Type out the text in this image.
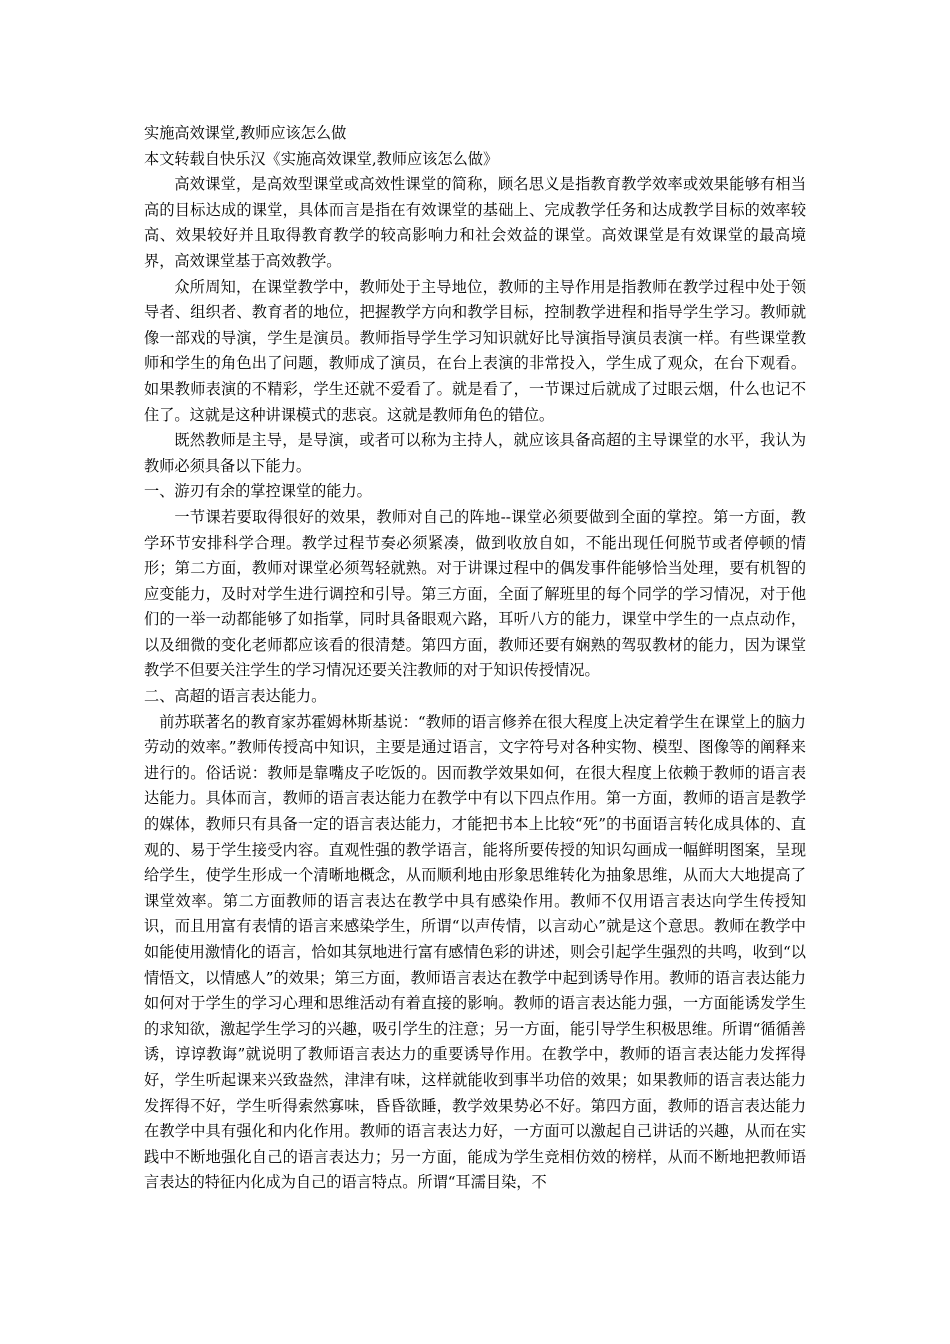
实施高效课堂,教师应该怎么做

本文转载自快乐汉《实施高效课堂,教师应该怎么做》

高效课堂，是高效型课堂或高效性课堂的简称，顾名思义是指教育教学效率或效果能够有相当高的目标达成的课堂，具体而言是指在有效课堂的基础上、完成教学任务和达成教学目标的效率较高、效果较好并且取得教育教学的较高影响力和社会效益的课堂。高效课堂是有效课堂的最高境界，高效课堂基于高效教学。

众所周知，在课堂教学中，教师处于主导地位，教师的主导作用是指教师在教学过程中处于领导者、组织者、教育者的地位，把握教学方向和教学目标，控制教学进程和指导学生学习。教师就像一部戏的导演，学生是演员。教师指导学生学习知识就好比导演指导演员表演一样。有些课堂教师和学生的角色出了问题，教师成了演员，在台上表演的非常投入，学生成了观众，在台下观看。如果教师表演的不精彩，学生还就不爱看了。就是看了，一节课过后就成了过眼云烟，什么也记不住了。这就是这种讲课模式的悲哀。这就是教师角色的错位。

既然教师是主导，是导演，或者可以称为主持人，就应该具备高超的主导课堂的水平，我认为教师必须具备以下能力。

一、游刃有余的掌控课堂的能力。

一节课若要取得很好的效果，教师对自己的阵地--课堂必须要做到全面的掌控。第一方面，教学环节安排科学合理。教学过程节奏必须紧凑，做到收放自如，不能出现任何脱节或者停顿的情形；第二方面，教师对课堂必须驾轻就熟。对于讲课过程中的偶发事件能够恰当处理，要有机智的应变能力，及时对学生进行调控和引导。第三方面，全面了解班里的每个同学的学习情况，对于他们的一举一动都能够了如指掌，同时具备眼观六路，耳听八方的能力，课堂中学生的一点点动作，以及细微的变化老师都应该看的很清楚。第四方面，教师还要有娴熟的驾驭教材的能力，因为课堂教学不但要关注学生的学习情况还要关注教师的对于知识传授情况。

二、高超的语言表达能力。

前苏联著名的教育家苏霍姆林斯基说：“教师的语言修养在很大程度上决定着学生在课堂上的脑力劳动的效率。”教师传授高中知识，主要是通过语言，文字符号对各种实物、模型、图像等的阐释来进行的。俗话说：教师是靠嘴皮子吃饭的。因而教学效果如何，在很大程度上依赖于教师的语言表达能力。具体而言，教师的语言表达能力在教学中有以下四点作用。第一方面，教师的语言是教学的媒体，教师只有具备一定的语言表达能力，才能把书本上比较“死”的书面语言转化成具体的、直观的、易于学生接受内容。直观性强的教学语言，能将所要传授的知识勾画成一幅鲜明图案，呈现给学生，使学生形成一个清晰地概念，从而顺利地由形象思维转化为抽象思维，从而大大地提高了课堂效率。第二方面教师的语言表达在教学中具有感染作用。教师不仅用语言表达向学生传授知识，而且用富有表情的语言来感染学生，所谓“以声传情，以言动心”就是这个意思。教师在教学中如能使用激情化的语言，恰如其氛地进行富有感情色彩的讲述，则会引起学生强烈的共鸣，收到“以情悟文，以情感人”的效果；第三方面，教师语言表达在教学中起到诱导作用。教师的语言表达能力如何对于学生的学习心理和思维活动有着直接的影响。教师的语言表达能力强，一方面能诱发学生的求知欲，激起学生学习的兴趣，吸引学生的注意；另一方面，能引导学生积极思维。所谓“循循善诱，谆谆教诲”就说明了教师语言表达力的重要诱导作用。在教学中，教师的语言表达能力发挥得好，学生听起课来兴致盎然，津津有味，这样就能收到事半功倍的效果；如果教师的语言表达能力发挥得不好，学生听得索然寡味，昏昏欲睡，教学效果势必不好。第四方面，教师的语言表达能力在教学中具有强化和内化作用。教师的语言表达力好，一方面可以激起自己讲话的兴趣，从而在实践中不断地强化自己的语言表达力；另一方面，能成为学生竞相仿效的榜样，从而不断地把教师语言表达的特征内化成为自己的语言特点。所谓“耳濡目染，不
